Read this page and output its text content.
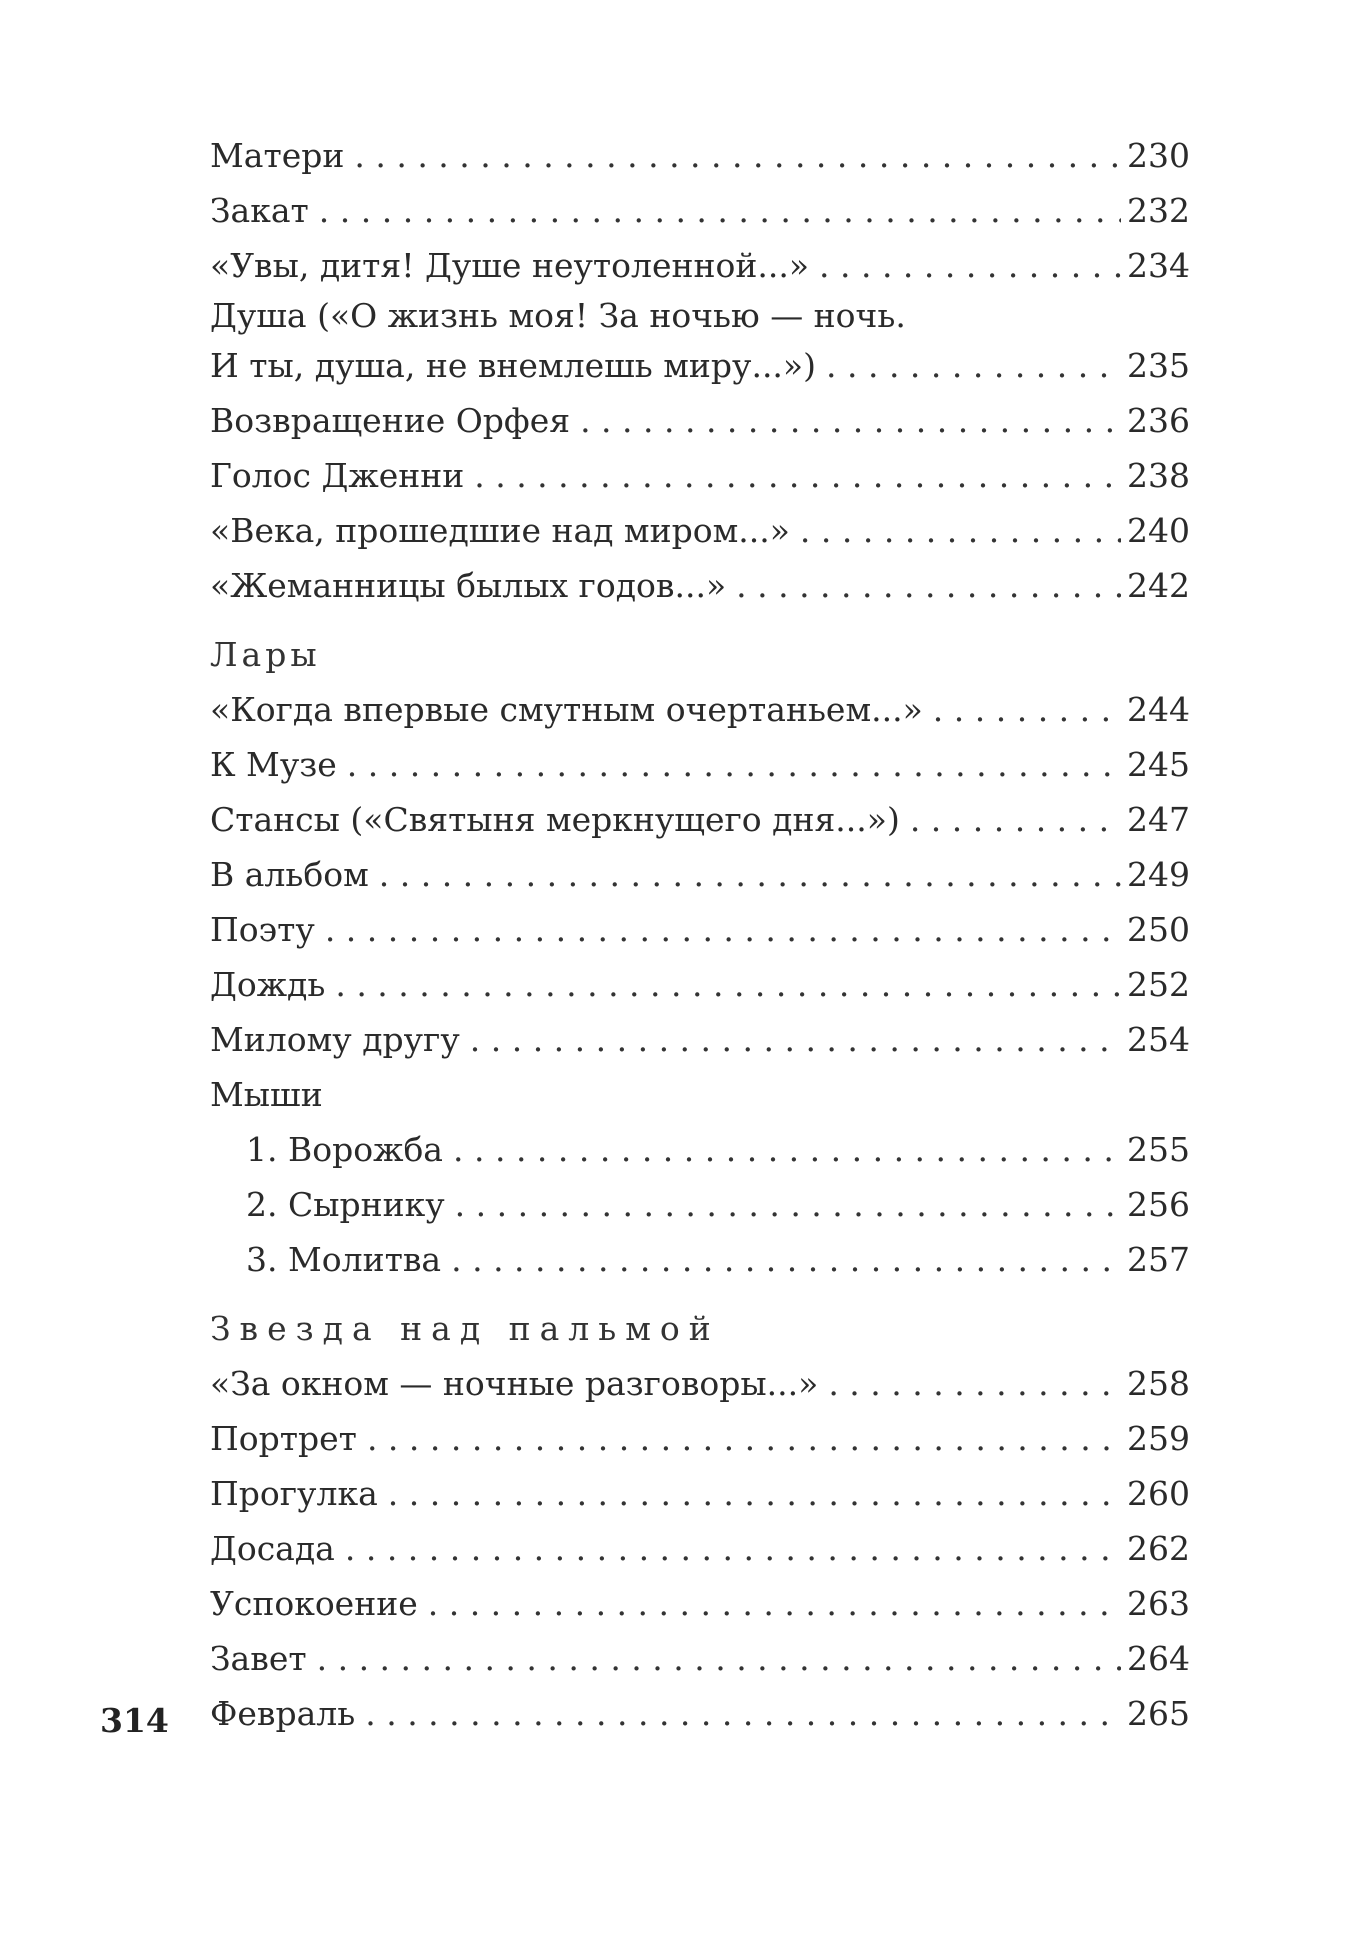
Матери . . .	230
Закат . . .	232
«Увы, дитя! Душе неутоленной...» . . .	234
Душа («О жизнь моя! За ночью — ночь.
И ты, душа, не внемлешь миру...») . . .	235
Возвращение Орфея . . .	236
Голос Дженни . . .	238
«Века, прошедшие над миром...» . . .	240
«Жеманницы былых годов...» . . .	242
Лары
«Когда впервые смутным очертаньем...» . . .	244
К Музе . . .	245
Стансы («Святыня меркнущего дня...») . . .	247
В альбом . . .	249
Поэту . . .	250
Дождь . . .	252
Милому другу . . .	254
Мыши
1. Ворожба . . .	255
2. Сырнику . . .	256
3. Молитва . . .	257
Звезда над пальмой
«За окном — ночные разговоры...» . . .	258
Портрет . . .	259
Прогулка . . .	260
Досада . . .	262
Успокоение . . .	263
Завет . . .	264
Февраль . . .	265
314
